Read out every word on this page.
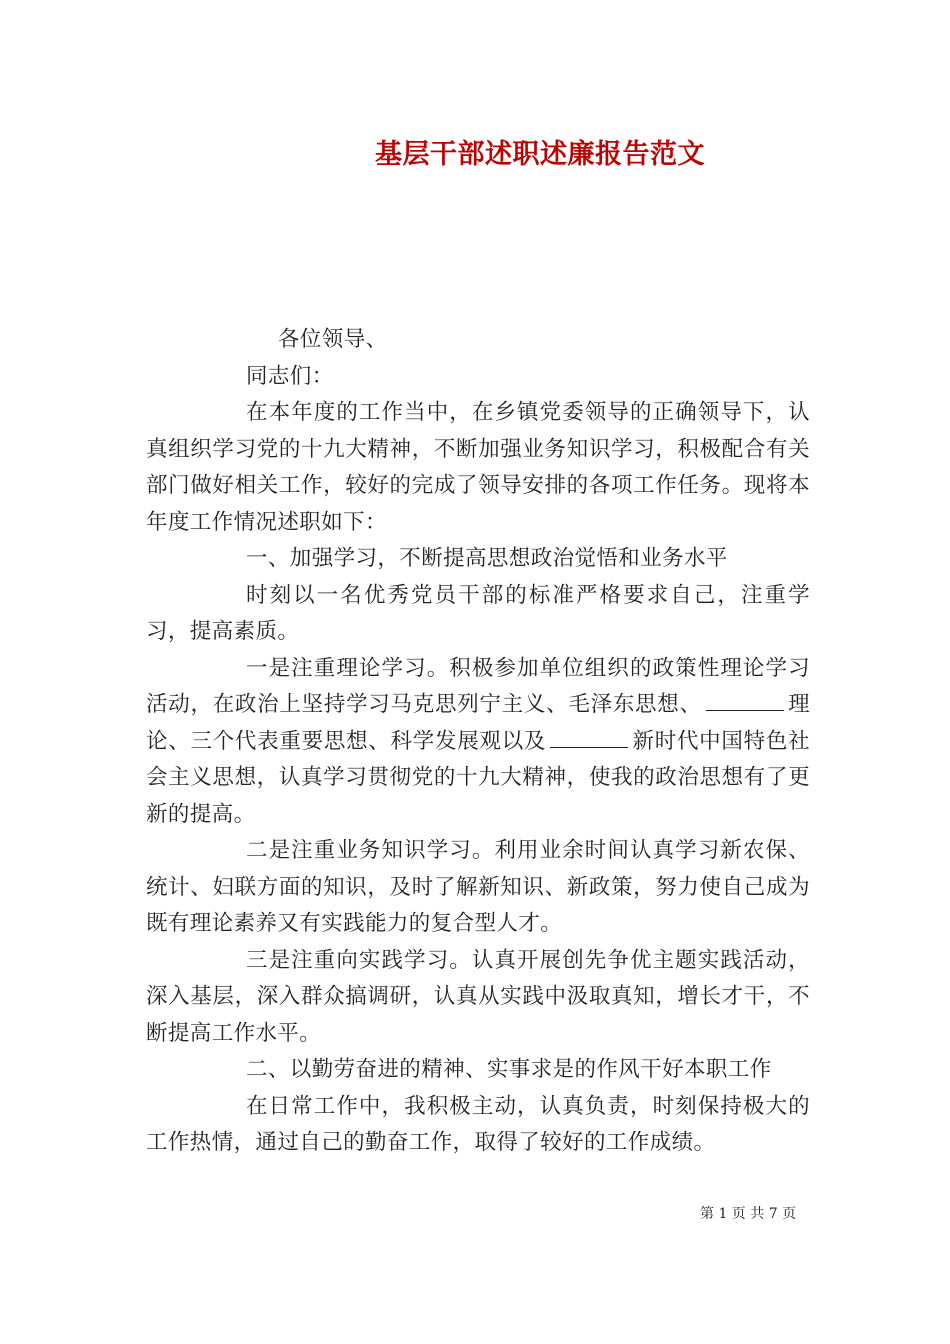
基层干部述职述廉报告范文

各位领导、

同志们：

在本年度的工作当中，在乡镇党委领导的正确领导下，认真组织学习党的十九大精神，不断加强业务知识学习，积极配合有关部门做好相关工作，较好的完成了领导安排的各项工作任务。现将本年度工作情况述职如下：

一、加强学习，不断提高思想政治觉悟和业务水平

时刻以一名优秀党员干部的标准严格要求自己，注重学习，提高素质。

一是注重理论学习。积极参加单位组织的政策性理论学习活动，在政治上坚持学习马克思列宁主义、毛泽东思想、	理论、三个代表重要思想、科学发展观以及	新时代中国特色社会主义思想，认真学习贯彻党的十九大精神，使我的政治思想有了更新的提高。

二是注重业务知识学习。利用业余时间认真学习新农保、统计、妇联方面的知识，及时了解新知识、新政策，努力使自己成为既有理论素养又有实践能力的复合型人才。

三是注重向实践学习。认真开展创先争优主题实践活动，深入基层，深入群众搞调研，认真从实践中汲取真知，增长才干，不断提高工作水平。

二、以勤劳奋进的精神、实事求是的作风干好本职工作

在日常工作中，我积极主动，认真负责，时刻保持极大的工作热情，通过自己的勤奋工作，取得了较好的工作成绩。

第 1 页 共 7 页
